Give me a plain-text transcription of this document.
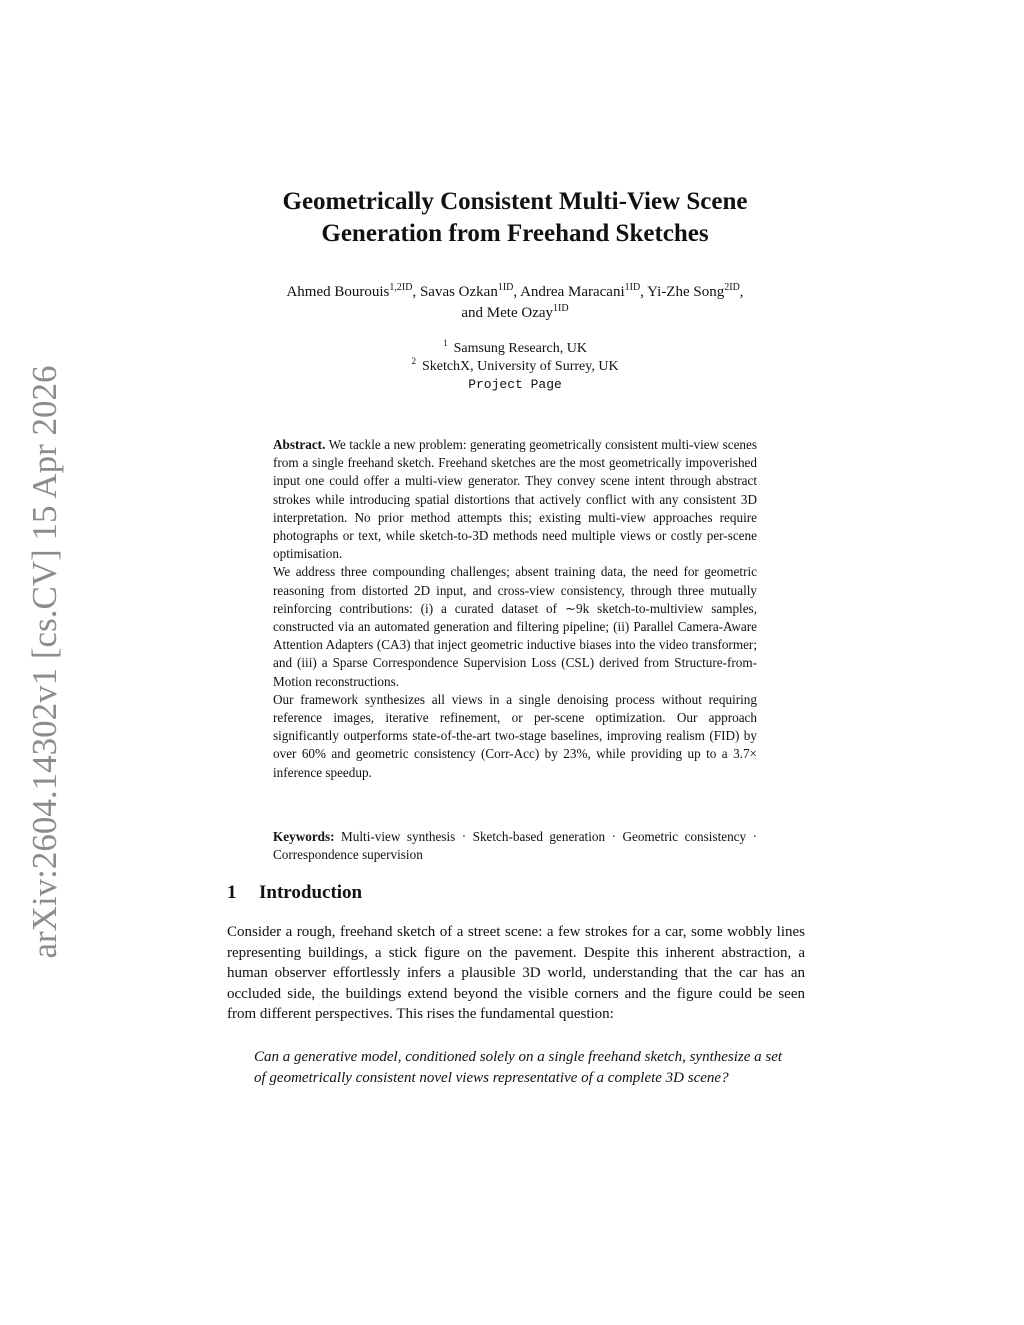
arXiv:2604.14302v1 [cs.CV] 15 Apr 2026
Geometrically Consistent Multi-View Scene
Generation from Freehand Sketches
Ahmed Bourouis$^{1,2ID}$, Savas Ozkan$^{1ID}$, Andrea Maracani$^{1ID}$, Yi-Zhe Song$^{2ID}$,
and Mete Ozay$^{1ID}$
$^1$ Samsung Research, UK
$^2$ SketchX, University of Surrey, UK
Project Page

Abstract. We tackle a new problem: generating geometrically consistent multi-view scenes from a single freehand sketch. Freehand sketches are the most geometrically impoverished input one could offer a multi-view generator. They convey scene intent through abstract strokes while introducing spatial distortions that actively conflict with any consistent 3D interpretation. No prior method attempts this; existing multi-view approaches require photographs or text, while sketch-to-3D methods need multiple views or costly per-scene optimisation.

We address three compounding challenges; absent training data, the need for geometric reasoning from distorted 2D input, and cross-view consistency, through three mutually reinforcing contributions: (i) a curated dataset of ∼9k sketch-to-multiview samples, constructed via an automated generation and filtering pipeline; (ii) Parallel Camera-Aware Attention Adapters (CA3) that inject geometric inductive biases into the video transformer; and (iii) a Sparse Correspondence Supervision Loss (CSL) derived from Structure-from-Motion reconstructions.

Our framework synthesizes all views in a single denoising process without requiring reference images, iterative refinement, or per-scene optimization. Our approach significantly outperforms state-of-the-art two-stage baselines, improving realism (FID) by over 60% and geometric consistency (Corr-Acc) by 23%, while providing up to a 3.7× inference speedup.

Keywords: Multi-view synthesis · Sketch-based generation · Geometric consistency · Correspondence supervision
1 Introduction

Consider a rough, freehand sketch of a street scene: a few strokes for a car, some wobbly lines representing buildings, a stick figure on the pavement. Despite this inherent abstraction, a human observer effortlessly infers a plausible 3D world, understanding that the car has an occluded side, the buildings extend beyond the visible corners and the figure could be seen from different perspectives. This rises the fundamental question:

Can a generative model, conditioned solely on a single freehand sketch, synthesize a set of geometrically consistent novel views representative of a complete 3D scene?
